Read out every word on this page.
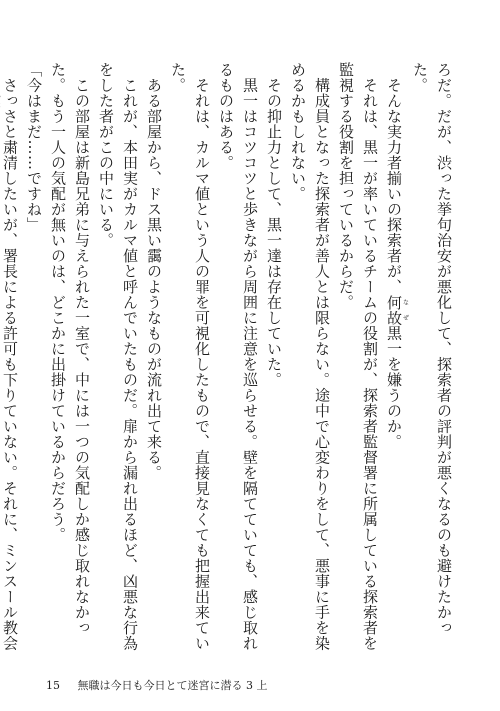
ろだ。だが、渋った挙句治安が悪化して、探索者の評判が悪くなるのも避けたかった。

　そんな実力者揃いの探索者が、何故なぜ黒一を嫌うのか。

　それは、黒一が率いているチームの役割が、探索者監督署に所属している探索者を監視する役割を担っているからだ。

　構成員となった探索者が善人とは限らない。途中で心変わりをして、悪事に手を染めるかもしれない。

　その抑止力として、黒一達は存在していた。

　黒一はコツコツと歩きながら周囲に注意を巡らせる。壁を隔てていても、感じ取れるものはある。

　それは、カルマ値という人の罪を可視化したもので、直接見なくても把握出来ていた。

　ある部屋から、ドス黒い靄のようなものが流れ出て来る。

　これが、本田実がカルマ値と呼んでいたものだ。扉から漏れ出るほど、凶悪な行為をした者がこの中にいる。

　この部屋は新島兄弟に与えられた一室で、中には一つの気配しか感じ取れなかった。もう一人の気配が無いのは、どこかに出掛けているからだろう。

「今はまだ……ですね」

　さっさと粛清したいが、署長による許可も下りていない。それに、ミンスール教会

15 無職は今日も今日とて迷宮に潜る 3 上
